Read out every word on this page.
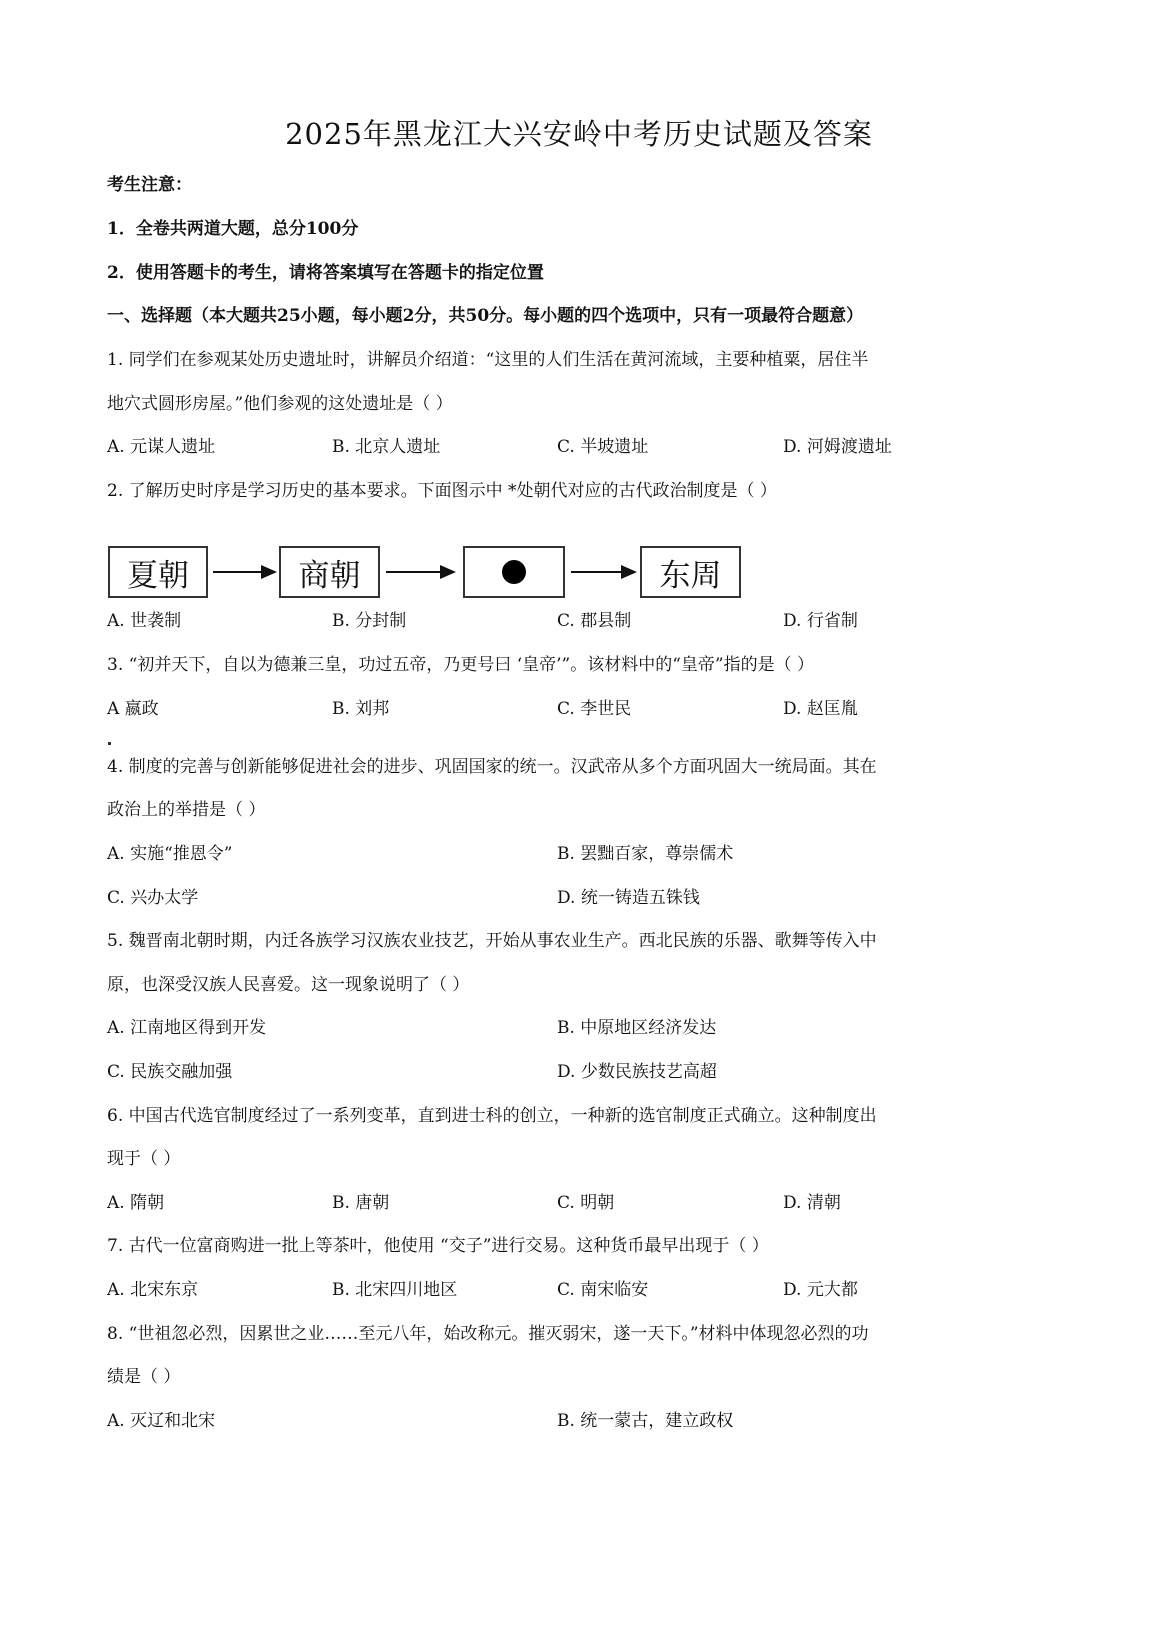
2025年黑龙江大兴安岭中考历史试题及答案
考生注意：
1．全卷共两道大题，总分100分
2．使用答题卡的考生，请将答案填写在答题卡的指定位置
一、选择题（本大题共25小题，每小题2分，共50分。每小题的四个选项中，只有一项最符合题意）
1. 同学们在参观某处历史遗址时，讲解员介绍道：“这里的人们生活在黄河流域，主要种植粟，居住半
地穴式圆形房屋。”他们参观的这处遗址是（ ）
A. 元谋人遗址	B. 北京人遗址	C. 半坡遗址	D. 河姆渡遗址
2. 了解历史时序是学习历史的基本要求。下面图示中 *处朝代对应的古代政治制度是（ ）
夏朝	商朝	东周
A. 世袭制	B. 分封制	C. 郡县制	D. 行省制
3. “初并天下，自以为德兼三皇，功过五帝，乃更号曰 ‘皇帝’”。该材料中的“皇帝”指的是（ ）
A 嬴政	B. 刘邦	C. 李世民	D. 赵匡胤
4. 制度的完善与创新能够促进社会的进步、巩固国家的统一。汉武帝从多个方面巩固大一统局面。其在
政治上的举措是（ ）
A. 实施“推恩令”	B. 罢黜百家，尊崇儒术
C. 兴办太学	D. 统一铸造五铢钱
5. 魏晋南北朝时期，内迁各族学习汉族农业技艺，开始从事农业生产。西北民族的乐器、歌舞等传入中
原，也深受汉族人民喜爱。这一现象说明了（ ）
A. 江南地区得到开发	B. 中原地区经济发达
C. 民族交融加强	D. 少数民族技艺高超
6. 中国古代选官制度经过了一系列变革，直到进士科的创立，一种新的选官制度正式确立。这种制度出
现于（ ）
A. 隋朝	B. 唐朝	C. 明朝	D. 清朝
7. 古代一位富商购进一批上等茶叶，他使用 “交子”进行交易。这种货币最早出现于（ ）
A. 北宋东京	B. 北宋四川地区	C. 南宋临安	D. 元大都
8. “世祖忽必烈，因累世之业……至元八年，始改称元。摧灭弱宋，遂一天下。”材料中体现忽必烈的功
绩是（ ）
A. 灭辽和北宋	B. 统一蒙古，建立政权
